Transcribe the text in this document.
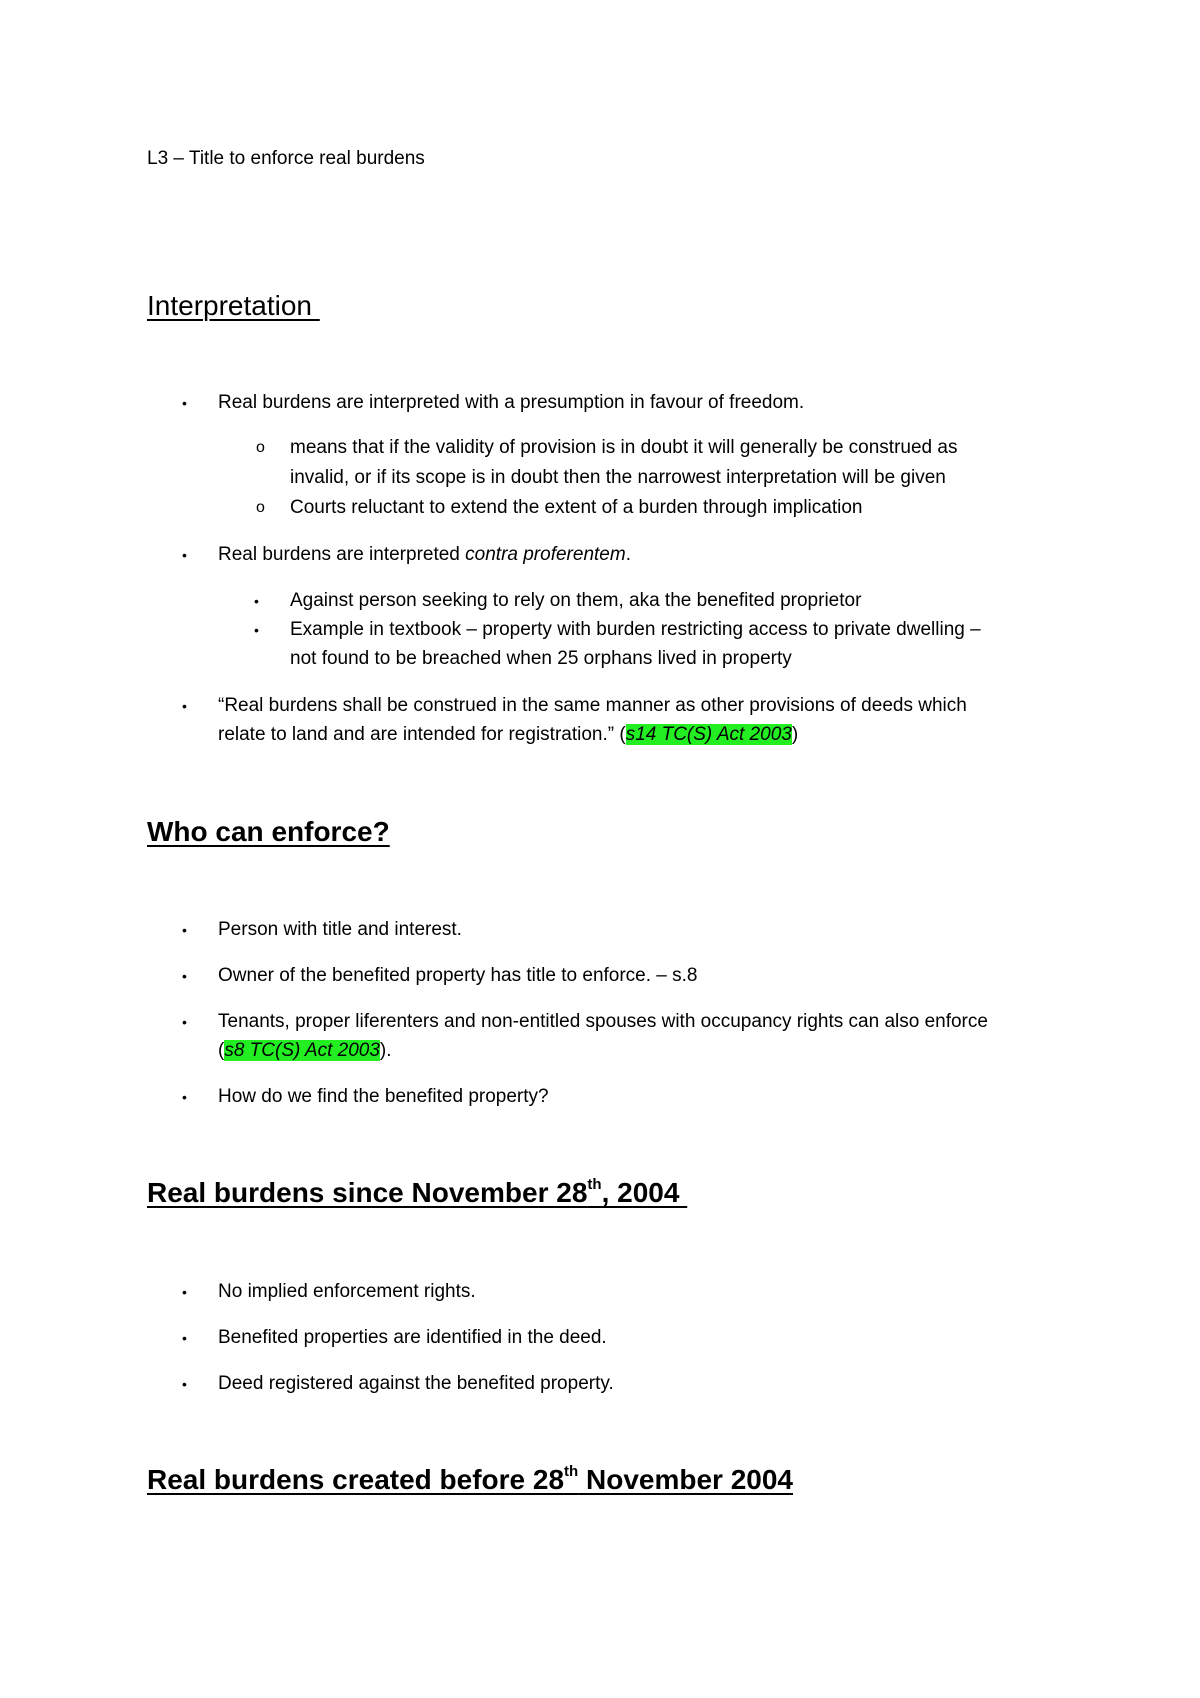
L3 – Title to enforce real burdens
Interpretation
• Real burdens are interpreted with a presumption in favour of freedom.
o means that if the validity of provision is in doubt it will generally be construed as
invalid, or if its scope is in doubt then the narrowest interpretation will be given
o Courts reluctant to extend the extent of a burden through implication
• Real burdens are interpreted contra proferentem.
• Against person seeking to rely on them, aka the benefited proprietor
• Example in textbook – property with burden restricting access to private dwelling –
not found to be breached when 25 orphans lived in property
• “Real burdens shall be construed in the same manner as other provisions of deeds which
relate to land and are intended for registration.” (s14 TC(S) Act 2003)
Who can enforce?
• Person with title and interest.
• Owner of the benefited property has title to enforce. – s.8
• Tenants, proper liferenters and non-entitled spouses with occupancy rights can also enforce
(s8 TC(S) Act 2003).
• How do we find the benefited property?
Real burdens since November 28th, 2004
• No implied enforcement rights.
• Benefited properties are identified in the deed.
• Deed registered against the benefited property.
Real burdens created before 28th November 2004
